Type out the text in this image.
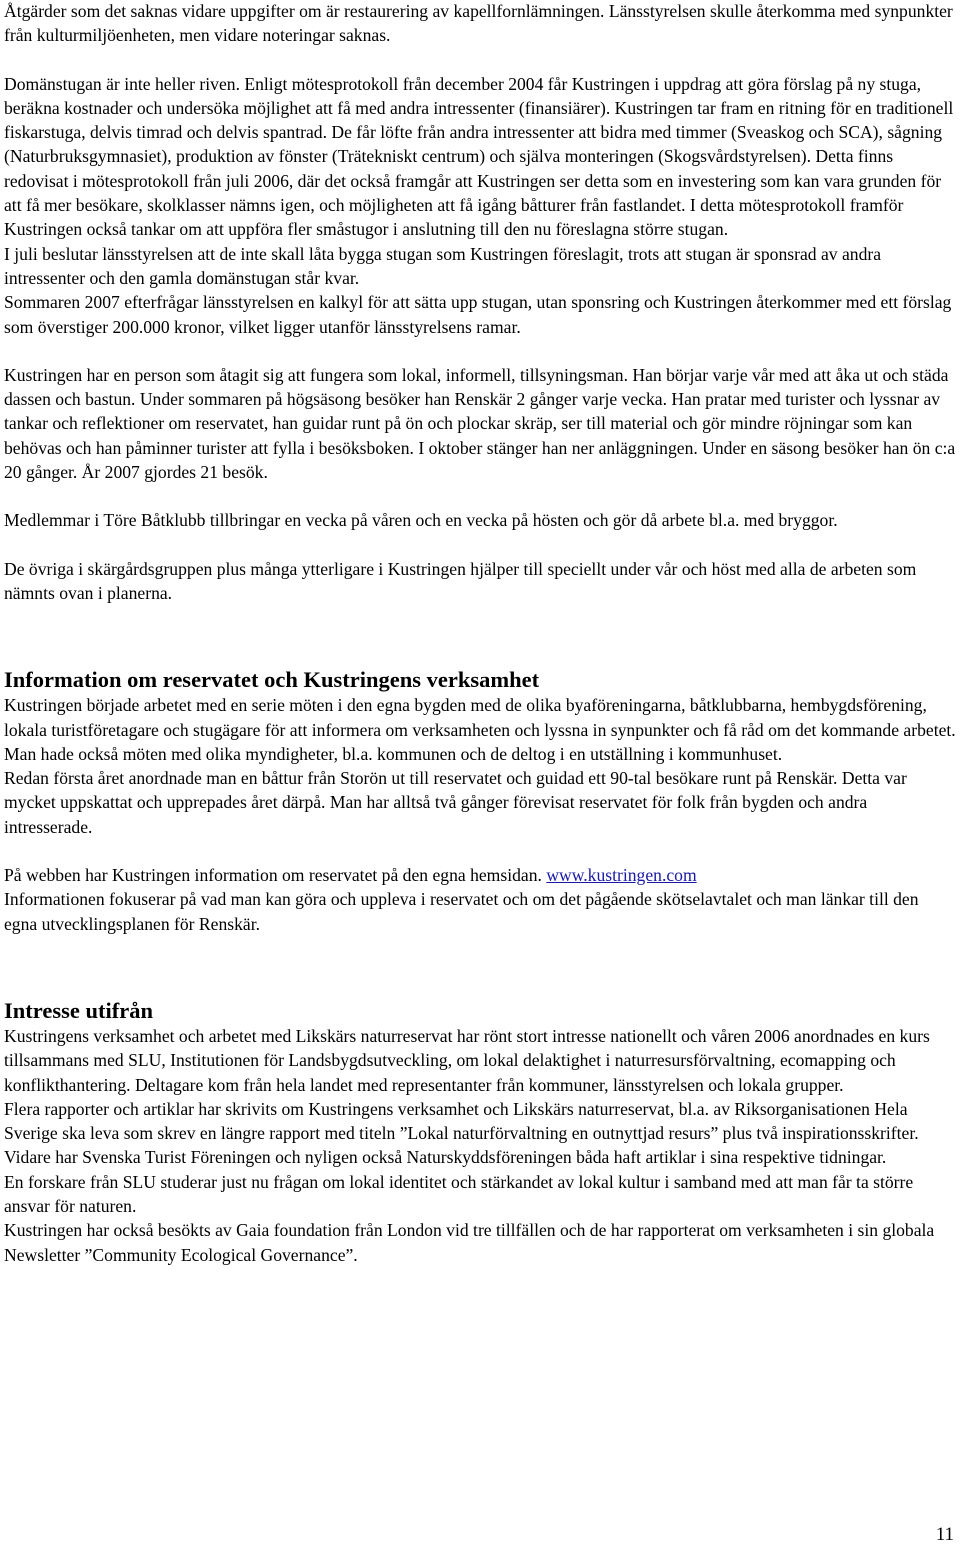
Åtgärder som det saknas vidare uppgifter om är restaurering av kapellfornlämningen. Länsstyrelsen skulle återkomma med synpunkter från kulturmiljöenheten, men vidare noteringar saknas.

Domänstugan är inte heller riven. Enligt mötesprotokoll från december 2004 får Kustringen i uppdrag att göra förslag på ny stuga, beräkna kostnader och undersöka möjlighet att få med andra intressenter (finansiärer). Kustringen tar fram en ritning för en traditionell fiskarstuga, delvis timrad och delvis spantrad. De får löfte från andra intressenter att bidra med timmer (Sveaskog och SCA), sågning (Naturbruksgymnasiet), produktion av fönster (Trätekniskt centrum) och själva monteringen (Skogsvårdstyrelsen). Detta finns redovisat i mötesprotokoll från juli 2006, där det också framgår att Kustringen ser detta som en investering som kan vara grunden för att få mer besökare, skolklasser nämns igen, och möjligheten att få igång båtturer från fastlandet. I detta mötesprotokoll framför Kustringen också tankar om att uppföra fler småstugor i anslutning till den nu föreslagna större stugan.

I juli beslutar länsstyrelsen att de inte skall låta bygga stugan som Kustringen föreslagit, trots att stugan är sponsrad av andra intressenter och den gamla domänstugan står kvar.

Sommaren 2007 efterfrågar länsstyrelsen en kalkyl för att sätta upp stugan, utan sponsring och Kustringen återkommer med ett förslag som överstiger 200.000 kronor, vilket ligger utanför länsstyrelsens ramar.

Kustringen har en person som åtagit sig att fungera som lokal, informell, tillsyningsman. Han börjar varje vår med att åka ut och städa dassen och bastun. Under sommaren på högsäsong besöker han Renskär 2 gånger varje vecka. Han pratar med turister och lyssnar av tankar och reflektioner om reservatet, han guidar runt på ön och plockar skräp, ser till material och gör mindre röjningar som kan behövas och han påminner turister att fylla i besöksboken. I oktober stänger han ner anläggningen. Under en säsong besöker han ön c:a 20 gånger. År 2007 gjordes 21 besök.

Medlemmar i Töre Båtklubb tillbringar en vecka på våren och en vecka på hösten och gör då arbete bl.a. med bryggor.

De övriga i skärgårdsgruppen plus många ytterligare i Kustringen hjälper till speciellt under vår och höst med alla de arbeten som nämnts ovan i planerna.

Information om reservatet och Kustringens verksamhet

Kustringen började arbetet med en serie möten i den egna bygden med de olika byaföreningarna, båtklubbarna, hembygdsförening, lokala turistföretagare och stugägare för att informera om verksamheten och lyssna in synpunkter och få råd om det kommande arbetet. Man hade också möten med olika myndigheter, bl.a. kommunen och de deltog i en utställning i kommunhuset.

Redan första året anordnade man en båttur från Storön ut till reservatet och guidad ett 90-tal besökare runt på Renskär. Detta var mycket uppskattat och upprepades året därpå. Man har alltså två gånger förevisat reservatet för folk från bygden och andra intresserade.

På webben har Kustringen information om reservatet på den egna hemsidan. www.kustringen.com

Informationen fokuserar på vad man kan göra och uppleva i reservatet och om det pågående skötselavtalet och man länkar till den egna utvecklingsplanen för Renskär.

Intresse utifrån

Kustringens verksamhet och arbetet med Likskärs naturreservat har rönt stort intresse nationellt och våren 2006 anordnades en kurs tillsammans med SLU, Institutionen för Landsbygdsutveckling, om lokal delaktighet i naturresursförvaltning, ecomapping och konflikthantering. Deltagare kom från hela landet med representanter från kommuner, länsstyrelsen och lokala grupper.

Flera rapporter och artiklar har skrivits om Kustringens verksamhet och Likskärs naturreservat, bl.a. av Riksorganisationen Hela Sverige ska leva som skrev en längre rapport med titeln ”Lokal naturförvaltning en outnyttjad resurs” plus två inspirationsskrifter. Vidare har Svenska Turist Föreningen och nyligen också Naturskyddsföreningen båda haft artiklar i sina respektive tidningar.

En forskare från SLU studerar just nu frågan om lokal identitet och stärkandet av lokal kultur i samband med att man får ta större ansvar för naturen.

Kustringen har också besökts av Gaia foundation från London vid tre tillfällen och de har rapporterat om verksamheten i sin globala Newsletter ”Community Ecological Governance”.

11
